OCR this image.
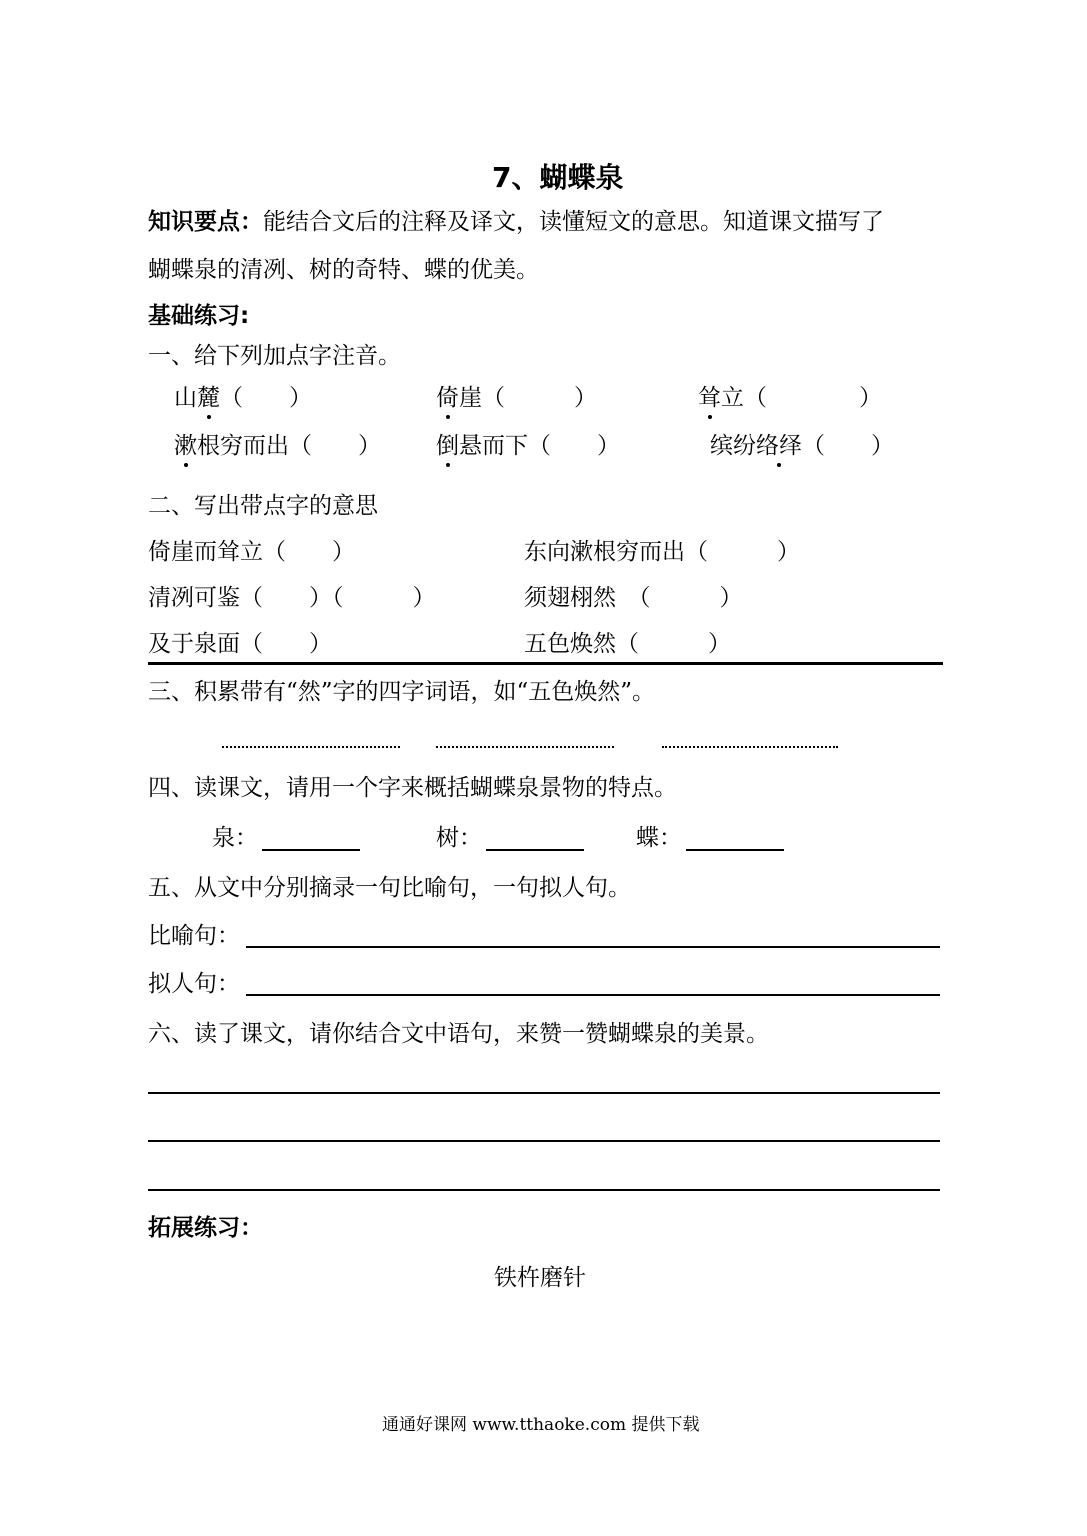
7、蝴蝶泉
知识要点：能结合文后的注释及译文，读懂短文的意思。知道课文描写了
蝴蝶泉的清冽、树的奇特、蝶的优美。
基础练习:
一、给下列加点字注音。
山麓（　　）	倚崖（　　　）	耸立（　　　　）
漱根穷而出（　　） 倒悬而下（　　）	缤纷络绎（　　）
二、写出带点字的意思
倚崖而耸立（　　）	东向漱根穷而出（　　　）
清冽可鉴（　　）（　　　）	须翅栩然　（　　　）
及于泉面（　　）	五色焕然（　　　）
三、积累带有“然”字的四字词语，如“五色焕然”。
四、读课文，请用一个字来概括蝴蝶泉景物的特点。
泉：	树：	蝶：
五、从文中分别摘录一句比喻句，一句拟人句。
比喻句：
拟人句：
六、读了课文，请你结合文中语句，来赞一赞蝴蝶泉的美景。
拓展练习：
铁杵磨针
通通好课网 www.tthaoke.com 提供下载
